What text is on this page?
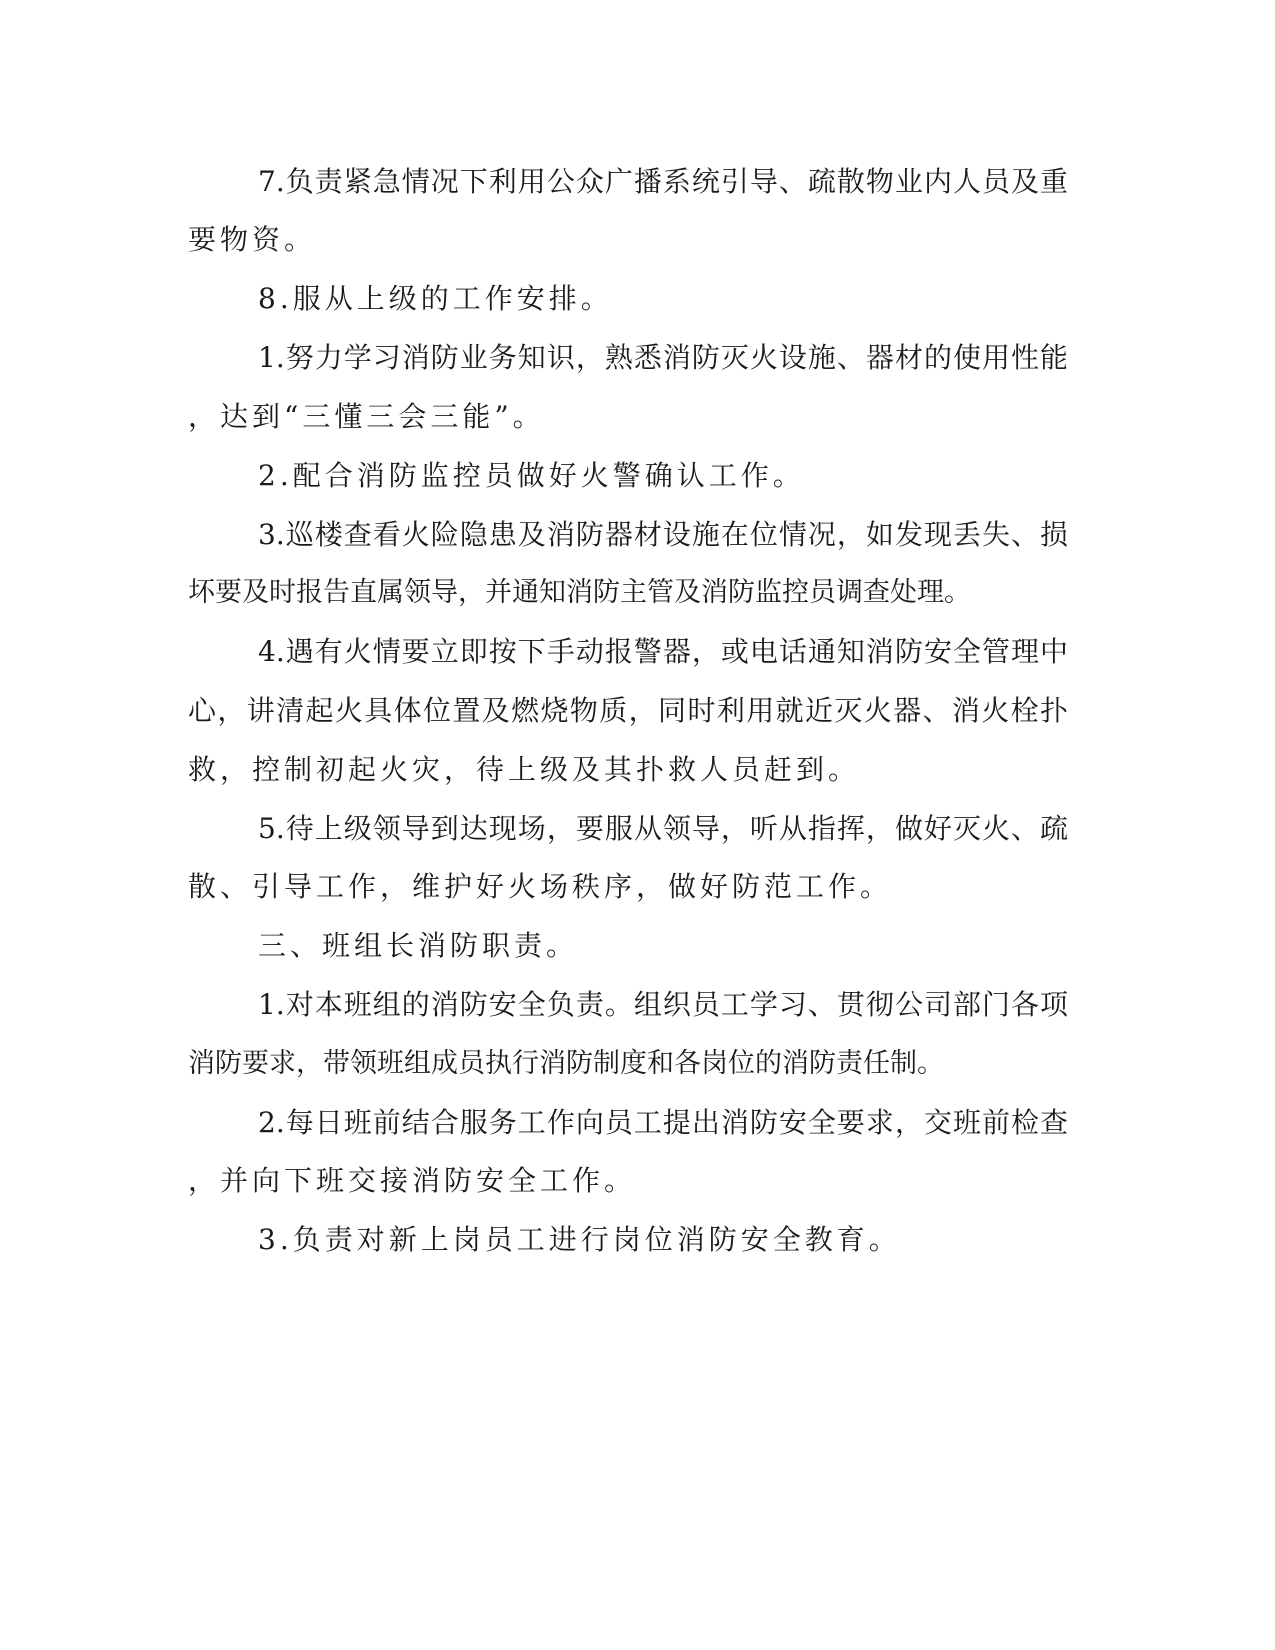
7.负责紧急情况下利用公众广播系统引导、疏散物业内人员及重

要物资。

8.服从上级的工作安排。

1.努力学习消防业务知识，熟悉消防灭火设施、器材的使用性能

，达到“三懂三会三能”。

2.配合消防监控员做好火警确认工作。

3.巡楼查看火险隐患及消防器材设施在位情况，如发现丢失、损

坏要及时报告直属领导，并通知消防主管及消防监控员调查处理。

4.遇有火情要立即按下手动报警器，或电话通知消防安全管理中

心，讲清起火具体位置及燃烧物质，同时利用就近灭火器、消火栓扑

救，控制初起火灾，待上级及其扑救人员赶到。

5.待上级领导到达现场，要服从领导，听从指挥，做好灭火、疏

散、引导工作，维护好火场秩序，做好防范工作。

三、班组长消防职责。

1.对本班组的消防安全负责。组织员工学习、贯彻公司部门各项

消防要求，带领班组成员执行消防制度和各岗位的消防责任制。

2.每日班前结合服务工作向员工提出消防安全要求，交班前检查

，并向下班交接消防安全工作。

3.负责对新上岗员工进行岗位消防安全教育。
